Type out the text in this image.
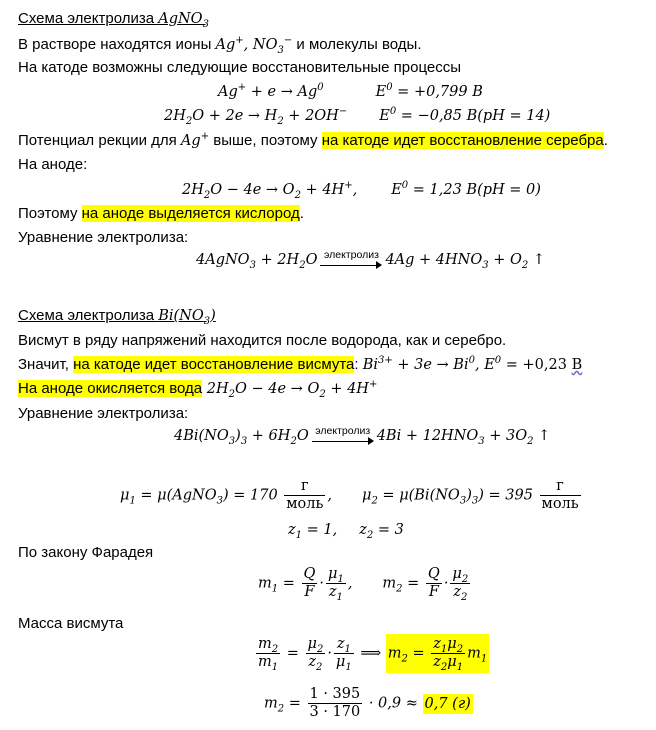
Схема электролиза AgNO$_3$
В растворе находятся ионы Ag+, $NO_3^-$ и молекулы воды.
На катоде возможны следующие восстановительные процессы
$Ag^+ + e \to Ag^0$	$E^0 = +0,799$ В
$2H_2O + 2e \to H_2 + 2OH^-$ $E^0 = -0,85$ В(pH = 14)
Потенциал рекции для Ag+ выше, поэтому на катоде идет восстановление серебра.
На аноде:
$2H_2O - 4e \to O_2 + 4H^+$, $E^0 = 1,23$ В(pH = 0)
Поэтому на аноде выделяется кислород.
Уравнение электролиза:
4AgNO$_3$ + $2H_2O$ электролиз $4Ag + 4HNO_3 + O_2$ ↑
Схема электролиза $Bi(NO_3)$
Висмут в ряду напряжений находится после водорода, как и серебро.
Значит, на катоде идет восстановление висмута: $Bi^{3+} + 3e \to Bi^0$, $E^0 = +0,23$ В
На аноде окисляется вода $2H_2O - 4e \to O_2 + 4H^+$
Уравнение электролиза:
$4Bi(NO_3)_3 + 6H_2O$ электролиз $4Bi + 12HNO_3 + 3O_2$ ↑
$\mu_1$ = μ(AgNO$_3$) = $170 \frac{г}{\text{моль}}$ , $\mu_2 = \mu(Bi(NO_3)_3) = 395 \frac{г}{\text{моль}}$
$z_1 = 1$, $z_2 = 3$
По закону Фарадея
$m_1 = \frac{Q}{F} \cdot \frac{\mu_1}{z_1}$ , $m_2 = \frac{Q}{F} \cdot \frac{\mu_2}{z_2}$
Масса висмута
$\frac{m_2}{m_1} = \frac{\mu_2}{z_2} \cdot \frac{z_1}{\mu_1}$ ⟹ $m_2 = \frac{z_1\mu_2}{z_2\mu_1} m_1$
$m_2 = \frac{1 \cdot 395}{3 \cdot 170} \cdot 0,9 \approx 0,7$ (г)
